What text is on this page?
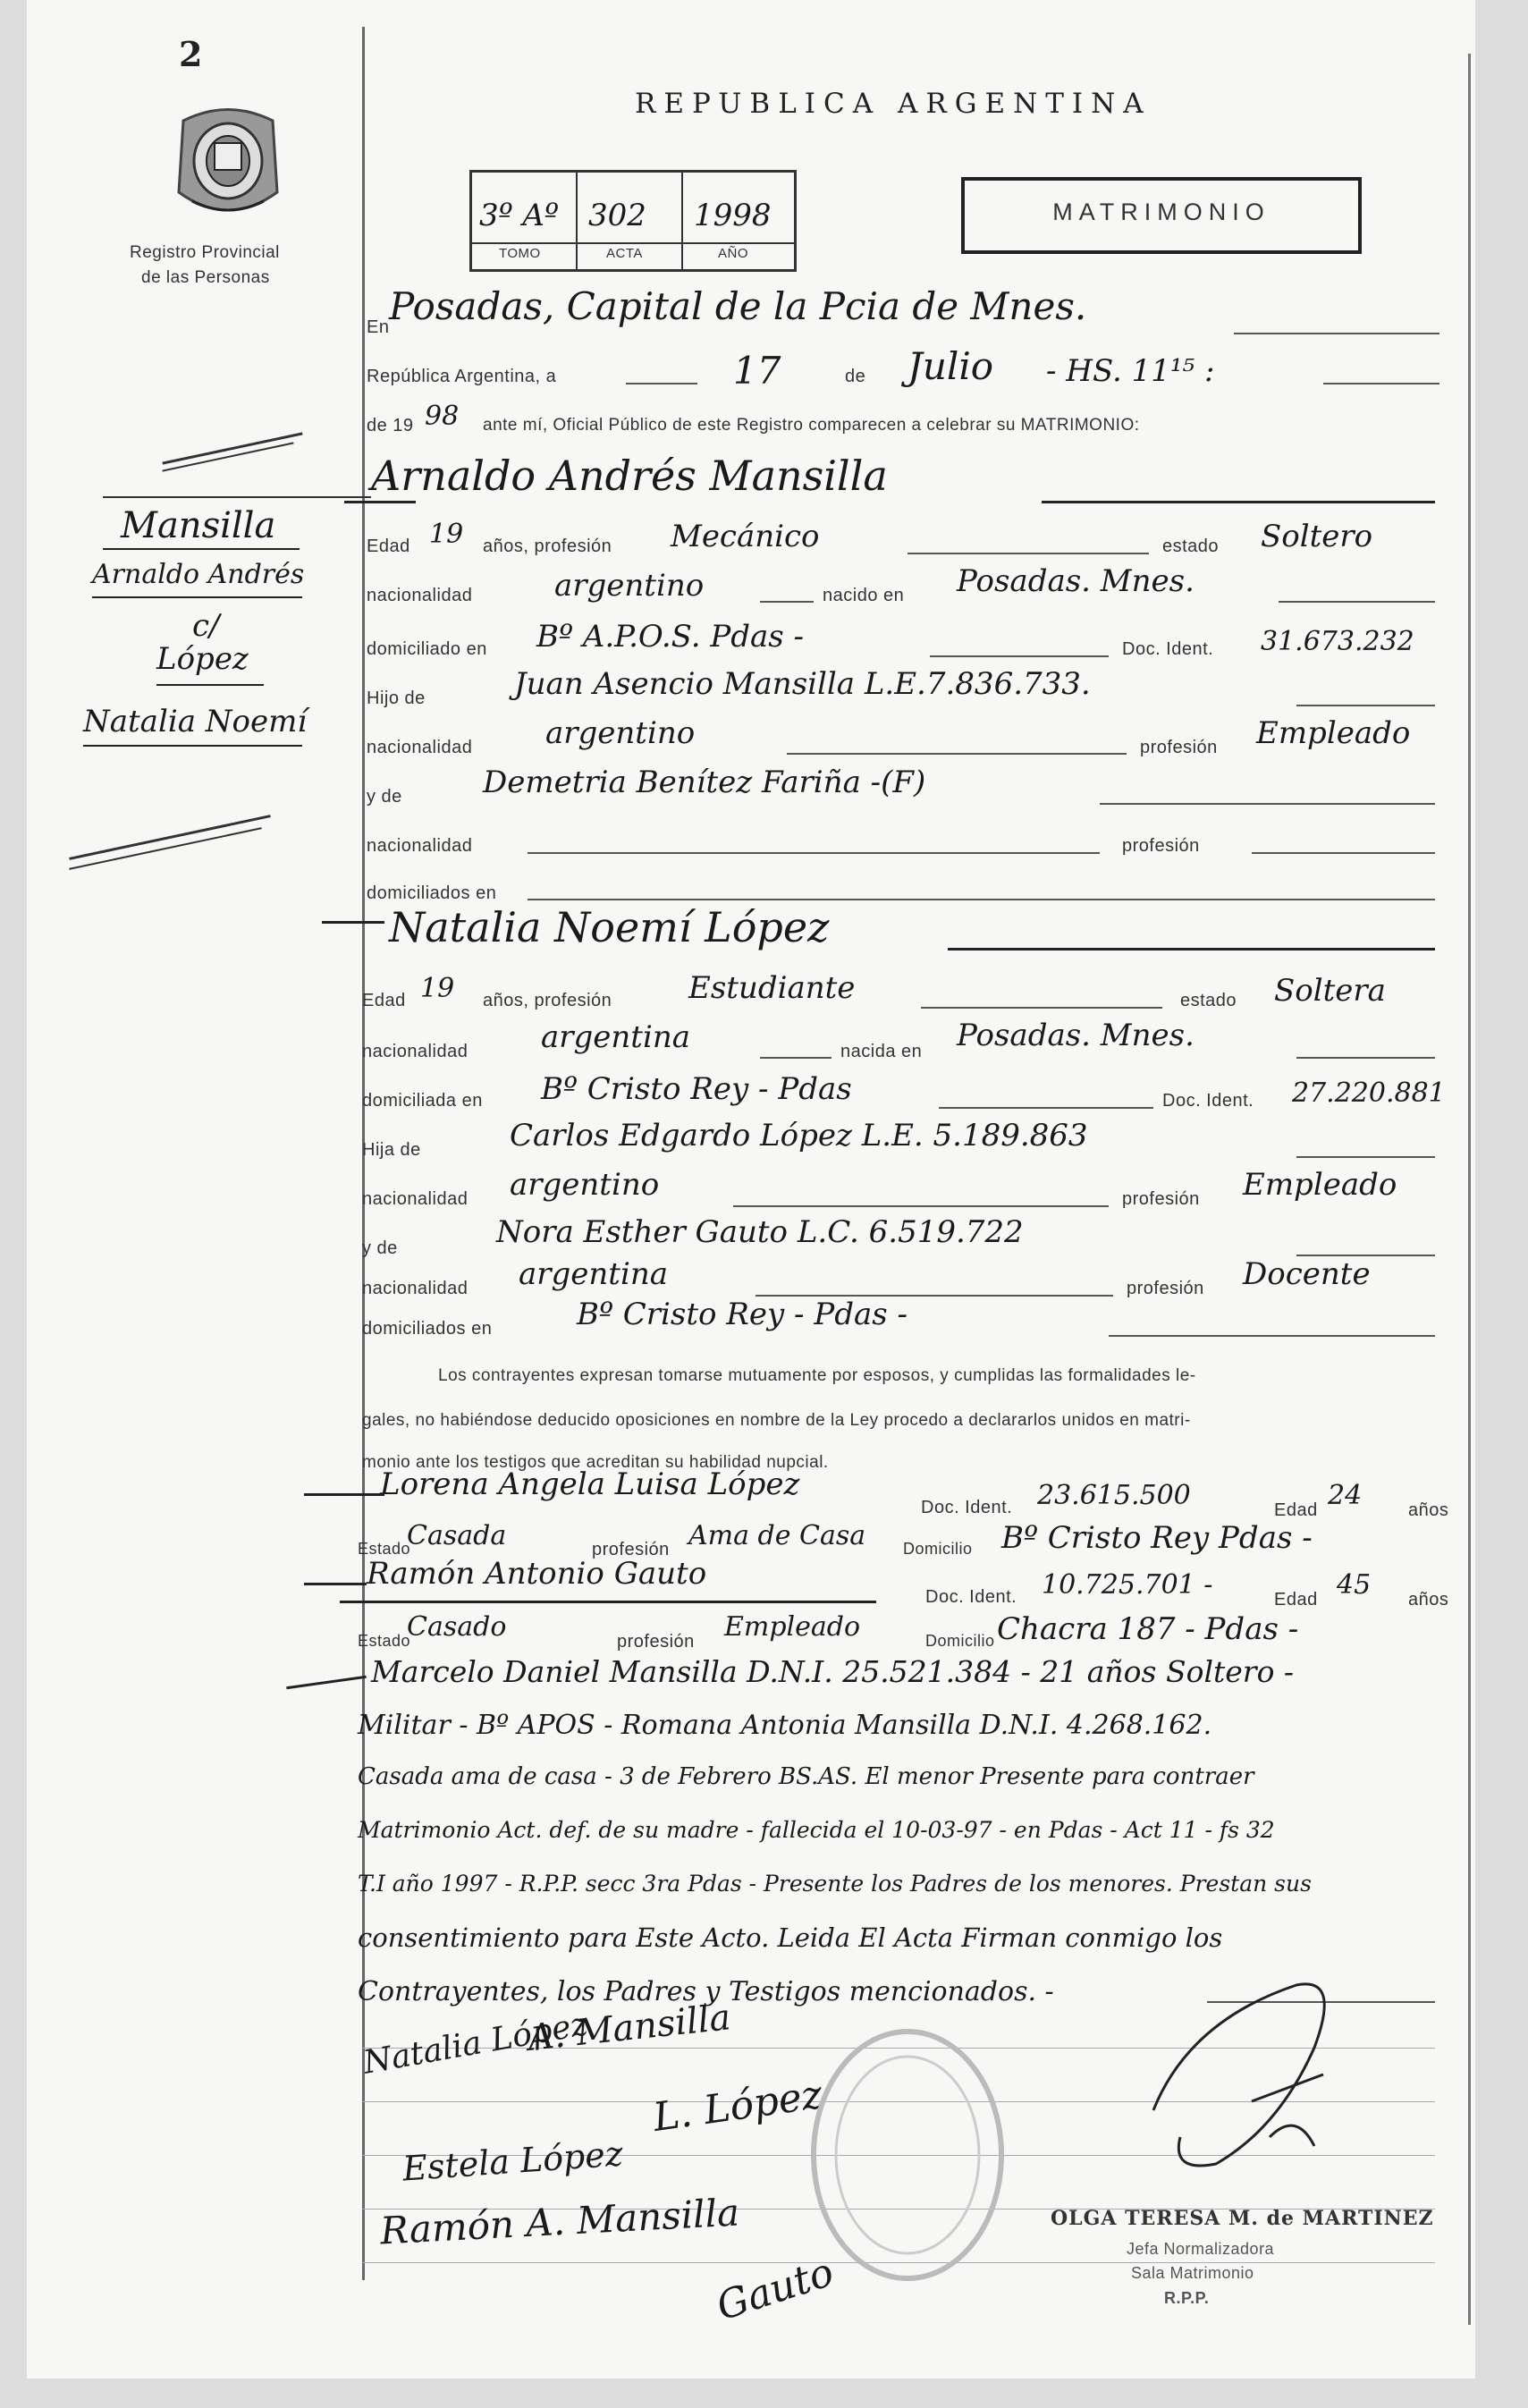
2
Registro Provincial
de las Personas
REPUBLICA ARGENTINA
3º Aº 302 1998
TOMO	ACTA	AÑO
MATRIMONIO
Mansilla
Arnaldo Andrés
c/
López
Natalia Noemí
En Posadas, Capital de la Pcia de Mnes.
República Argentina, a	17	de Julio - HS. 11¹⁵ :
de 19 98 ante mí, Oficial Público de este Registro comparecen a celebrar su MATRIMONIO:
Arnaldo Andrés Mansilla
Edad 19 años, profesión Mecánico	estado Soltero
nacionalidad	argentino	nacido en Posadas. Mnes.
domiciliado en Bº A.P.O.S. Pdas -	Doc. Ident. 31.673.232
Hijo de	Juan Asencio Mansilla L.E.7.836.733.
nacionalidad argentino	profesión Empleado
y de	Demetria Benítez Fariña -(F)
nacionalidad	profesión
domiciliados en
Natalia Noemí López
Edad 19 años, profesión	Estudiante	estado Soltera
nacionalidad argentina	nacida en Posadas. Mnes.
domiciliada en Bº Cristo Rey - Pdas	Doc. Ident. 27.220.881
Hija de	Carlos Edgardo López L.E. 5.189.863
nacionalidad argentino	profesión Empleado
y de	Nora Esther Gauto L.C. 6.519.722
nacionalidad argentina	profesión Docente
domiciliados en	Bº Cristo Rey - Pdas -
Los contrayentes expresan tomarse mutuamente por esposos, y cumplidas las formalidades le-
gales, no habiéndose deducido oposiciones en nombre de la Ley procedo a declararlos unidos en matri-
monio ante los testigos que acreditan su habilidad nupcial.
Lorena Angela Luisa López
Doc. Ident. 23.615.500	Edad 24	años
Estado
Casada	profesión Ama de Casa Domicilio Bº Cristo Rey Pdas -
Ramón Antonio Gauto
Doc. Ident. 10.725.701 -	Edad 45 años
Estado
Casado	profesión Empleado	Domicilio Chacra 187 - Pdas -
Marcelo Daniel Mansilla D.N.I. 25.521.384 - 21 años Soltero -
Militar - Bº APOS - Romana Antonia Mansilla D.N.I. 4.268.162.
Casada ama de casa - 3 de Febrero BS.AS. El menor Presente para contraer
Matrimonio Act. def. de su madre - fallecida el 10-03-97 - en Pdas - Act 11 - fs 32
T.I año 1997 - R.P.P. secc 3ra Pdas - Presente los Padres de los menores. Prestan sus
consentimiento para Este Acto. Leida El Acta Firman conmigo los
Contrayentes, los Padres y Testigos mencionados. -
Natalia López
A. Mansilla
L. López
Estela López
Ramón A. Mansilla
Gauto
OLGA TERESA M. de MARTINEZ
Jefa Normalizadora
Sala Matrimonio
R.P.P.
